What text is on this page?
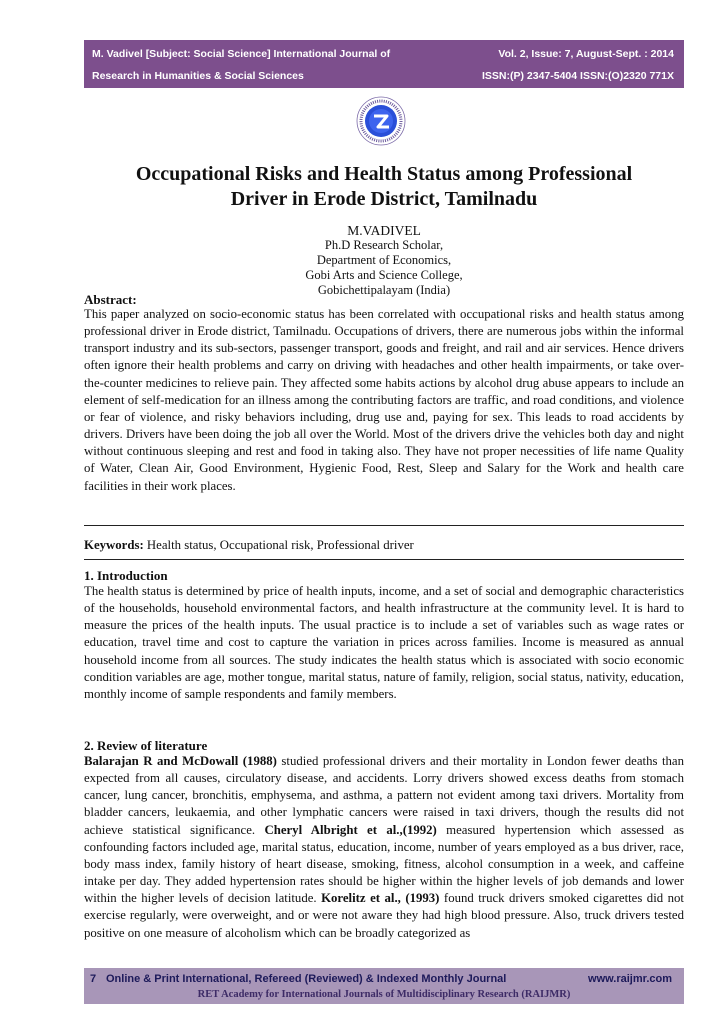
M. Vadivel [Subject: Social Science] International Journal of
Research in Humanities & Social Sciences
Vol. 2, Issue: 7, August-Sept. : 2014
ISSN:(P) 2347-5404 ISSN:(O)2320 771X
Occupational Risks and Health Status among Professional
Driver in Erode District, Tamilnadu
M.VADIVEL
Ph.D Research Scholar,
Department of Economics,
Gobi Arts and Science College,
Gobichettipalayam (India)
Abstract:
This paper analyzed on socio-economic status has been correlated with occupational risks and health status among professional driver in Erode district, Tamilnadu. Occupations of drivers, there are numerous jobs within the informal transport industry and its sub-sectors, passenger transport, goods and freight, and rail and air services. Hence drivers often ignore their health problems and carry on driving with headaches and other health impairments, or take over-the-counter medicines to relieve pain. They affected some habits actions by alcohol drug abuse appears to include an element of self-medication for an illness among the contributing factors are traffic, and road conditions, and violence or fear of violence, and risky behaviors including, drug use and, paying for sex. This leads to road accidents by drivers. Drivers have been doing the job all over the World. Most of the drivers drive the vehicles both day and night without continuous sleeping and rest and food in taking also. They have not proper necessities of life name Quality of Water, Clean Air, Good Environment, Hygienic Food, Rest, Sleep and Salary for the Work and health care facilities in their work places.
Keywords: Health status, Occupational risk, Professional driver
1. Introduction
The health status is determined by price of health inputs, income, and a set of social and demographic characteristics of the households, household environmental factors, and health infrastructure at the community level. It is hard to measure the prices of the health inputs. The usual practice is to include a set of variables such as wage rates or education, travel time and cost to capture the variation in prices across families. Income is measured as annual household income from all sources. The study indicates the health status which is associated with socio economic condition variables are age, mother tongue, marital status, nature of family, religion, social status, nativity, education, monthly income of sample respondents and family members.
2. Review of literature
Balarajan R and McDowall (1988) studied professional drivers and their mortality in London fewer deaths than expected from all causes, circulatory disease, and accidents. Lorry drivers showed excess deaths from stomach cancer, lung cancer, bronchitis, emphysema, and asthma, a pattern not evident among taxi drivers. Mortality from bladder cancers, leukaemia, and other lymphatic cancers were raised in taxi drivers, though the results did not achieve statistical significance. Cheryl Albright et al.,(1992) measured hypertension which assessed as confounding factors included age, marital status, education, income, number of years employed as a bus driver, race, body mass index, family history of heart disease, smoking, fitness, alcohol consumption in a week, and caffeine intake per day. They added hypertension rates should be higher within the higher levels of job demands and lower within the higher levels of decision latitude. Korelitz et al., (1993) found truck drivers smoked cigarettes did not exercise regularly, were overweight, and or were not aware they had high blood pressure. Also, truck drivers tested positive on one measure of alcoholism which can be broadly categorized as
7 Online & Print International, Refereed (Reviewed) & Indexed Monthly Journal	www.raijmr.com
RET Academy for International Journals of Multidisciplinary Research (RAIJMR)
